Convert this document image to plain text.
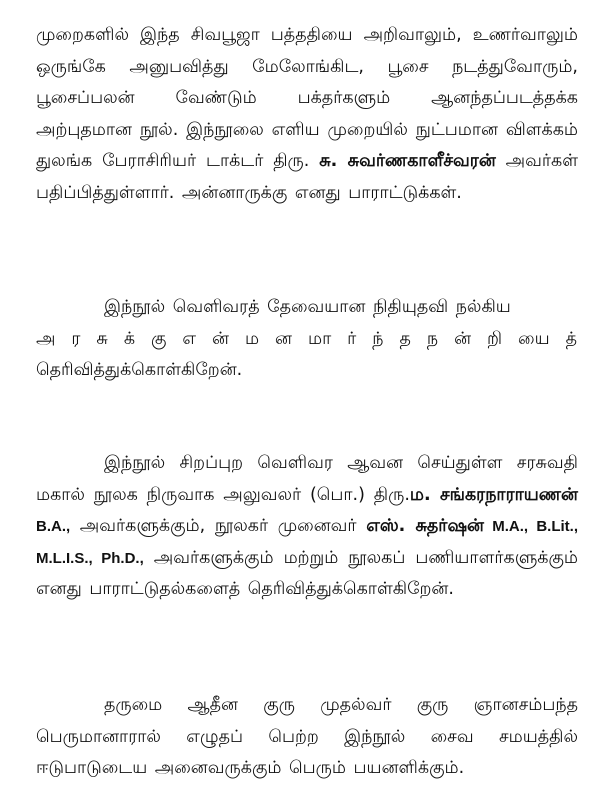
முறைகளில் இந்த சிவபூஜா பத்ததியை அறிவாலும், உணர்வாலும் ஒருங்கே அனுபவித்து மேலோங்கிட, பூசை நடத்துவோரும், பூசைப்பலன் வேண்டும் பக்தர்களும் ஆனந்தப்படத்தக்க அற்புதமான நூல். இந்நூலை எளிய முறையில் நுட்பமான விளக்கம் துலங்க பேராசிரியர் டாக்டர் திரு. சு. சுவர்ணகாளீச்வரன் அவர்கள் பதிப்பித்துள்ளார். அன்னாருக்கு எனது பாராட்டுக்கள்.

இந்நூல் வெளிவரத் தேவையான நிதியுதவி நல்கிய
அ ர சு க் கு எ ன் ம ன மா ர் ந் த ந ன் றி யை த்
தெரிவித்துக்கொள்கிறேன்.

இந்நூல் சிறப்புற வெளிவர ஆவன செய்துள்ள சரசுவதி மகால் நூலக நிருவாக அலுவலர் (பொ.) திரு.ம. சங்கரநாராயணன் B.A., அவர்களுக்கும், நூலகர் முனைவர் எஸ். சுதர்ஷன் M.A., B.Lit., M.L.I.S., Ph.D., அவர்களுக்கும் மற்றும் நூலகப் பணியாளர்களுக்கும் எனது பாராட்டுதல்களைத் தெரிவித்துக்கொள்கிறேன்.

தருமை ஆதீன குரு முதல்வர் குரு ஞானசம்பந்த பெருமானாரால் எழுதப் பெற்ற இந்நூல் சைவ சமயத்தில் ஈடுபாடுடைய அனைவருக்கும் பெரும் பயனளிக்கும்.
